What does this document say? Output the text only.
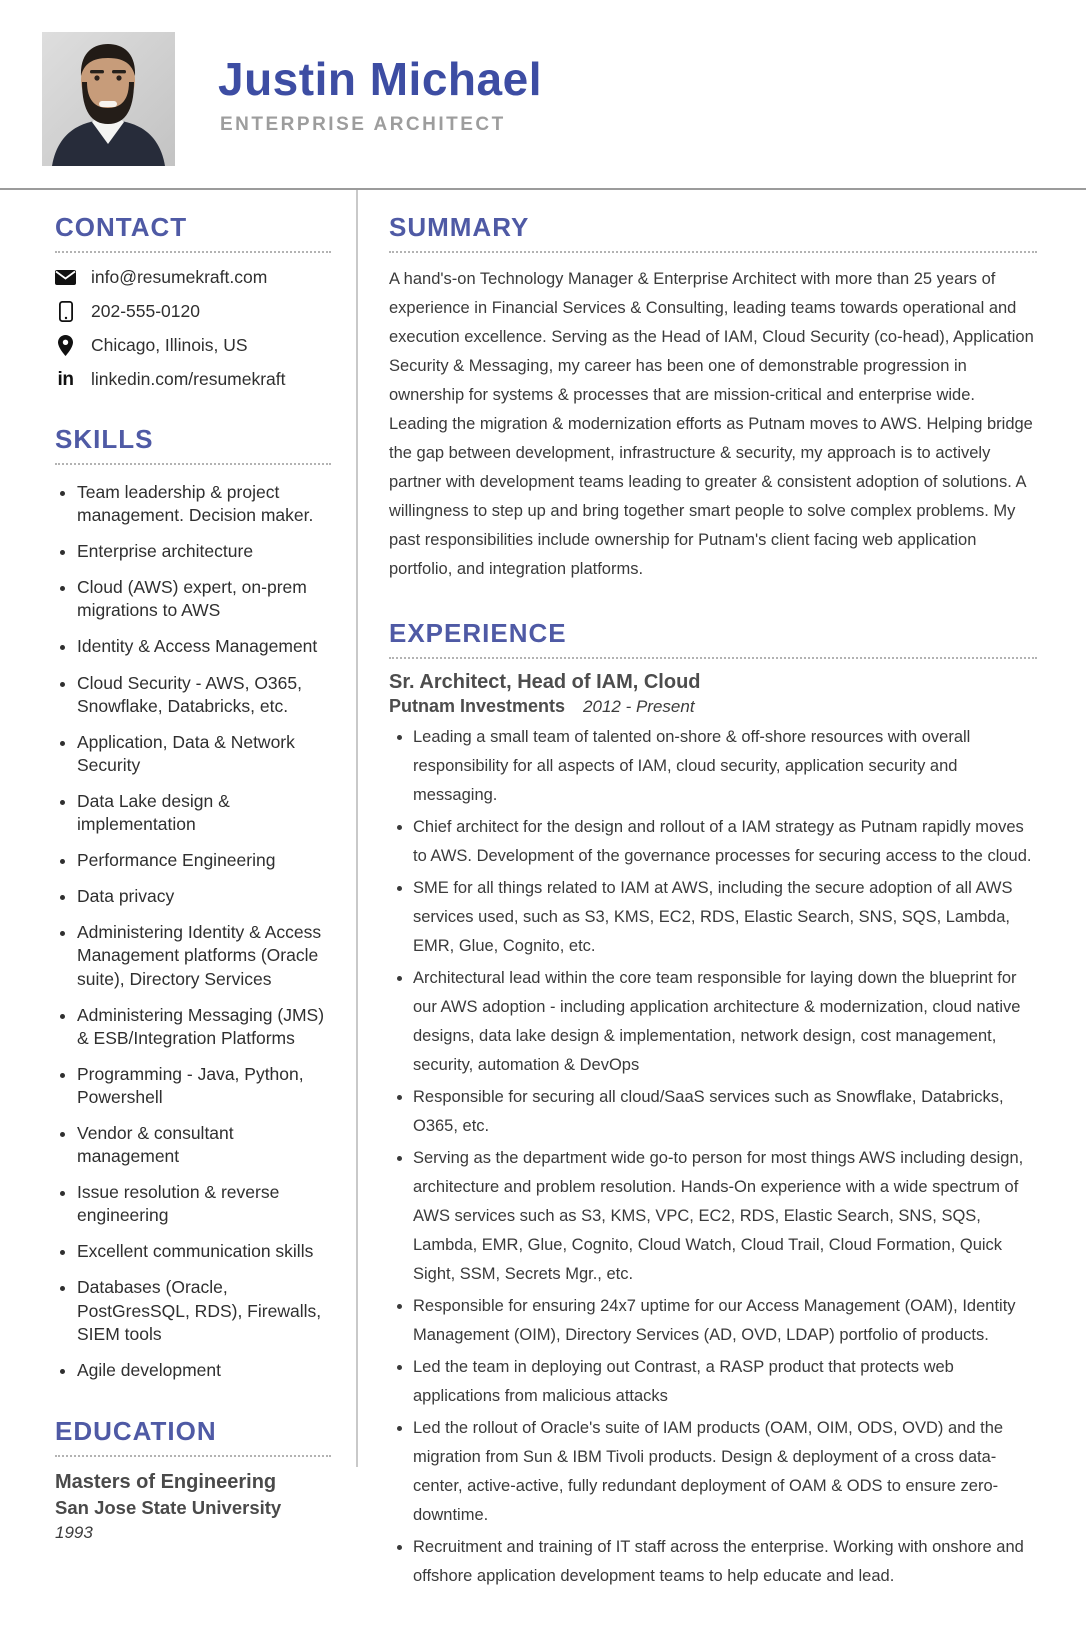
Justin Michael
ENTERPRISE ARCHITECT
CONTACT
info@resumekraft.com
202-555-0120
Chicago, Illinois, US
in linkedin.com/resumekraft
SKILLS
• Team leadership & project management. Decision maker.
• Enterprise architecture
• Cloud (AWS) expert, on-prem migrations to AWS
• Identity & Access Management
• Cloud Security - AWS, O365, Snowflake, Databricks, etc.
• Application, Data & Network Security
• Data Lake design & implementation
• Performance Engineering
• Data privacy
• Administering Identity & Access Management platforms (Oracle suite), Directory Services
• Administering Messaging (JMS) & ESB/Integration Platforms
• Programming - Java, Python, Powershell
• Vendor & consultant management
• Issue resolution & reverse engineering
• Excellent communication skills
• Databases (Oracle, PostGresSQL, RDS), Firewalls, SIEM tools
• Agile development
EDUCATION
Masters of Engineering
San Jose State University
1993
SUMMARY

A hand's-on Technology Manager & Enterprise Architect with more than 25 years of experience in Financial Services & Consulting, leading teams towards operational and execution excellence. Serving as the Head of IAM, Cloud Security (co-head), Application Security & Messaging, my career has been one of demonstrable progression in ownership for systems & processes that are mission-critical and enterprise wide. Leading the migration & modernization efforts as Putnam moves to AWS. Helping bridge the gap between development, infrastructure & security, my approach is to actively partner with development teams leading to greater & consistent adoption of solutions. A willingness to step up and bring together smart people to solve complex problems. My past responsibilities include ownership for Putnam's client facing web application portfolio, and integration platforms.

EXPERIENCE
Sr. Architect, Head of IAM, Cloud
Putnam Investments 2012 - Present
• Leading a small team of talented on-shore & off-shore resources with overall responsibility for all aspects of IAM, cloud security, application security and messaging.
• Chief architect for the design and rollout of a IAM strategy as Putnam rapidly moves to AWS. Development of the governance processes for securing access to the cloud.
• SME for all things related to IAM at AWS, including the secure adoption of all AWS services used, such as S3, KMS, EC2, RDS, Elastic Search, SNS, SQS, Lambda, EMR, Glue, Cognito, etc.
• Architectural lead within the core team responsible for laying down the blueprint for our AWS adoption - including application architecture & modernization, cloud native designs, data lake design & implementation, network design, cost management, security, automation & DevOps
• Responsible for securing all cloud/SaaS services such as Snowflake, Databricks, O365, etc.
• Serving as the department wide go-to person for most things AWS including design, architecture and problem resolution. Hands-On experience with a wide spectrum of AWS services such as S3, KMS, VPC, EC2, RDS, Elastic Search, SNS, SQS, Lambda, EMR, Glue, Cognito, Cloud Watch, Cloud Trail, Cloud Formation, Quick Sight, SSM, Secrets Mgr., etc.
• Responsible for ensuring 24x7 uptime for our Access Management (OAM), Identity Management (OIM), Directory Services (AD, OVD, LDAP) portfolio of products.
• Led the team in deploying out Contrast, a RASP product that protects web applications from malicious attacks
• Led the rollout of Oracle's suite of IAM products (OAM, OIM, ODS, OVD) and the migration from Sun & IBM Tivoli products. Design & deployment of a cross data-center, active-active, fully redundant deployment of OAM & ODS to ensure zero-downtime.
• Recruitment and training of IT staff across the enterprise. Working with onshore and offshore application development teams to help educate and lead.
